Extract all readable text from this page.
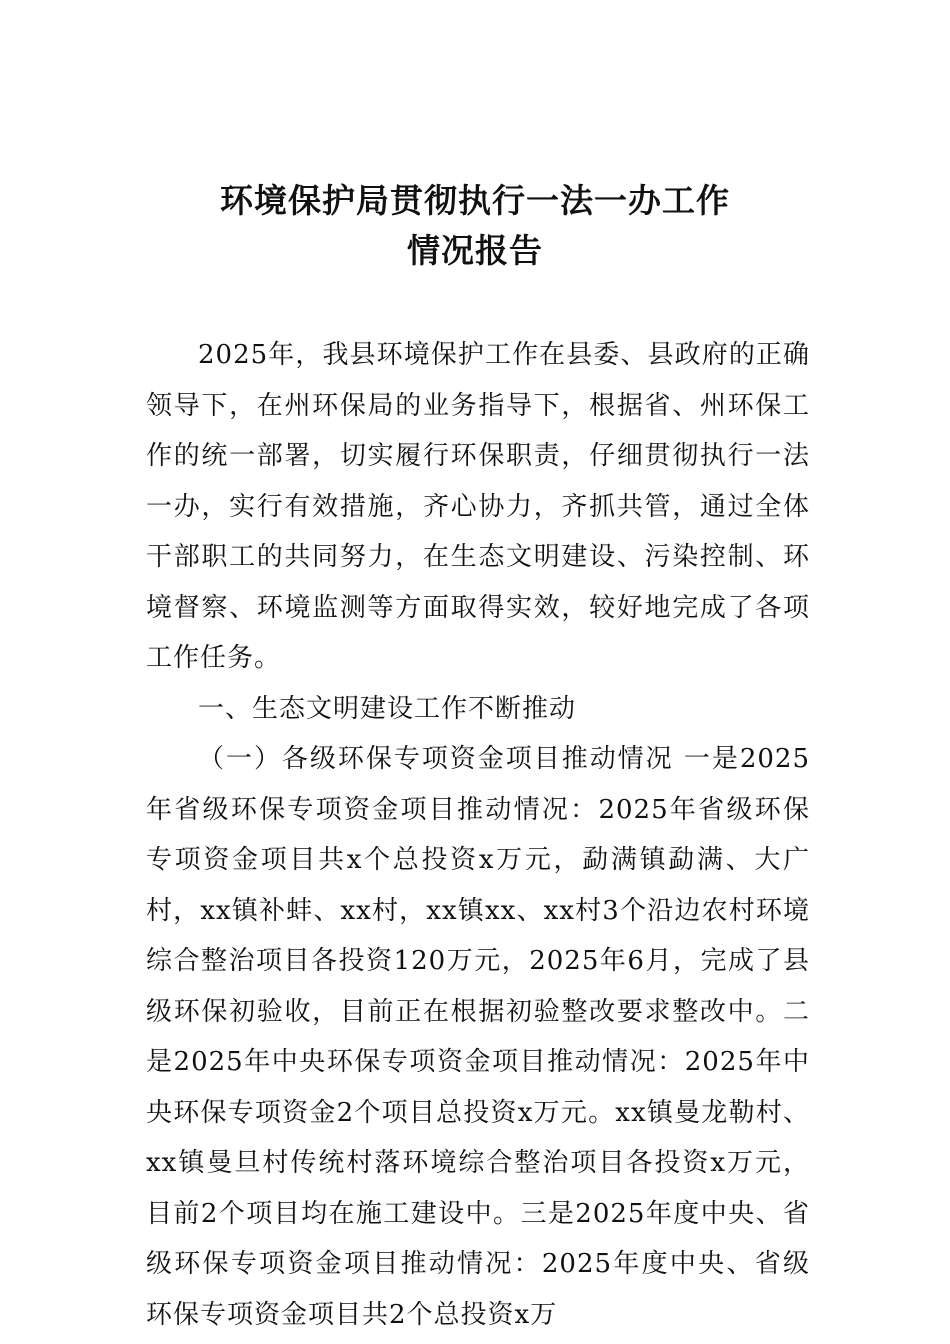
环境保护局贯彻执行一法一办工作
情况报告

2025年，我县环境保护工作在县委、县政府的正确领导下，在州环保局的业务指导下，根据省、州环保工作的统一部署，切实履行环保职责，仔细贯彻执行一法一办，实行有效措施，齐心协力，齐抓共管，通过全体干部职工的共同努力，在生态文明建设、污染控制、环境督察、环境监测等方面取得实效，较好地完成了各项工作任务。

一、生态文明建设工作不断推动

（一）各级环保专项资金项目推动情况 一是2025年省级环保专项资金项目推动情况：2025年省级环保专项资金项目共x个总投资x万元，勐满镇勐满、大广村，xx镇补蚌、xx村，xx镇xx、xx村3个沿边农村环境综合整治项目各投资120万元，2025年6月，完成了县级环保初验收，目前正在根据初验整改要求整改中。二是2025年中央环保专项资金项目推动情况：2025年中央环保专项资金2个项目总投资x万元。xx镇曼龙勒村、xx镇曼旦村传统村落环境综合整治项目各投资x万元，目前2个项目均在施工建设中。三是2025年度中央、省级环保专项资金项目推动情况：2025年度中央、省级环保专项资金项目共2个总投资x万
